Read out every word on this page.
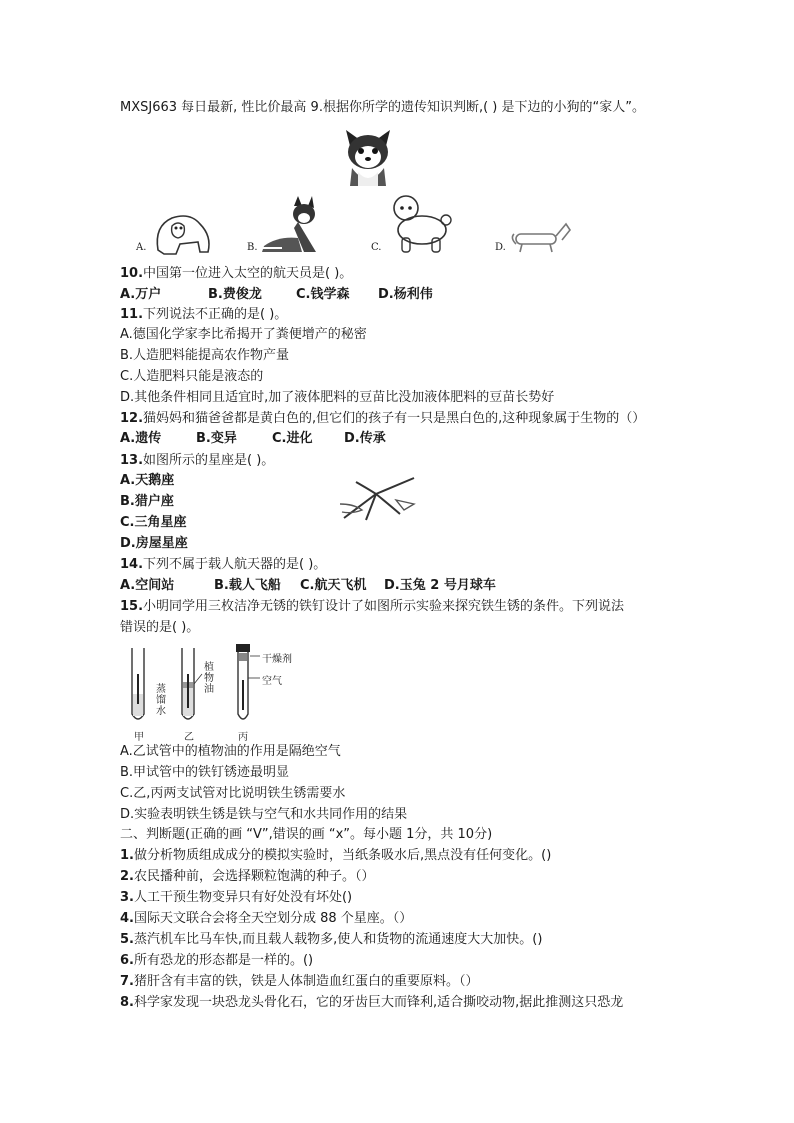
MXSJ663 每日最新, 性比价最高 9.根据你所学的遗传知识判断,( ) 是下边的小狗的“家人”。
A.	B.	C.	D.
10.中国第一位进入太空的航天员是( )。
A.万户	B.费俊龙	C.钱学森 D.杨利伟
11.下列说法不正确的是( )。
A.德国化学家李比希揭开了粪便增产的秘密
B.人造肥料能提高农作物产量
C.人造肥料只能是液态的
D.其他条件相同且适宜时,加了液体肥料的豆苗比没加液体肥料的豆苗长势好
12.猫妈妈和猫爸爸都是黄白色的,但它们的孩子有一只是黑白色的,这种现象属于生物的（）
A.遗传	B.变异	C.进化 D.传承
13.如图所示的星座是( )。
A.天鹅座
B.猎户座
C.三角星座
D.房屋星座
14.下列不属于载人航天器的是( )。
A.空间站	B.载人飞船 C.航天飞机 D.玉兔 2 号月球车
15.小明同学用三枚洁净无锈的铁钉设计了如图所示实验来探究铁生锈的条件。下列说法
错误的是( )。
干燥剂
空气
植物油
蒸馏水
甲	乙	丙
A.乙试管中的植物油的作用是隔绝空气
B.甲试管中的铁钉锈迹最明显
C.乙,丙两支试管对比说明铁生锈需要水
D.实验表明铁生锈是铁与空气和水共同作用的结果
二、判断题(正确的画 “V”,错误的画 “x”。每小题 1分，共 10分)
1.做分析物质组成成分的模拟实验时，当纸条吸水后,黑点没有任何变化。()
2.农民播种前，会选择颗粒饱满的种子。（）
3.人工干预生物变异只有好处没有坏处()
4.国际天文联合会将全天空划分成 88 个星座。（）
5.蒸汽机车比马车快,而且载人载物多,使人和货物的流通速度大大加快。()
6.所有恐龙的形态都是一样的。()
7.猪肝含有丰富的铁，铁是人体制造血红蛋白的重要原料。（）
8.科学家发现一块恐龙头骨化石，它的牙齿巨大而锋利,适合撕咬动物,据此推测这只恐龙
